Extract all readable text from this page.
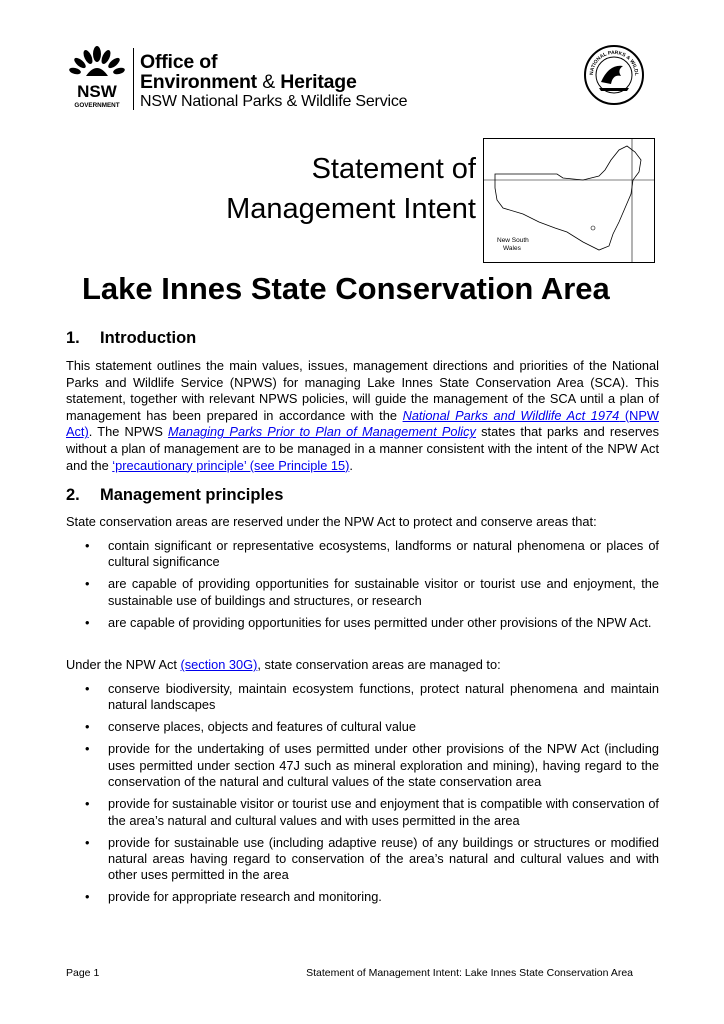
NSW
GOVERNMENT
Office of
Environment & Heritage
NSW National Parks & Wildlife Service
NATIONAL PARKS & WILDL
Statement of
Management Intent
New South
Wales
Lake Innes State Conservation Area
1. Introduction
This statement outlines the main values, issues, management directions and priorities of the National Parks and Wildlife Service (NPWS) for managing Lake Innes State Conservation Area (SCA). This statement, together with relevant NPWS policies, will guide the management of the SCA until a plan of management has been prepared in accordance with the National Parks and Wildlife Act 1974 (NPW Act). The NPWS Managing Parks Prior to Plan of Management Policy states that parks and reserves without a plan of management are to be managed in a manner consistent with the intent of the NPW Act and the ‘precautionary principle’ (see Principle 15).
2. Management principles
State conservation areas are reserved under the NPW Act to protect and conserve areas that:
• contain significant or representative ecosystems, landforms or natural phenomena or places of cultural significance
• are capable of providing opportunities for sustainable visitor or tourist use and enjoyment, the sustainable use of buildings and structures, or research
• are capable of providing opportunities for uses permitted under other provisions of the NPW Act.
Under the NPW Act (section 30G), state conservation areas are managed to:
• conserve biodiversity, maintain ecosystem functions, protect natural phenomena and maintain natural landscapes
• conserve places, objects and features of cultural value
• provide for the undertaking of uses permitted under other provisions of the NPW Act (including uses permitted under section 47J such as mineral exploration and mining), having regard to the conservation of the natural and cultural values of the state conservation area
• provide for sustainable visitor or tourist use and enjoyment that is compatible with conservation of the area’s natural and cultural values and with uses permitted in the area
• provide for sustainable use (including adaptive reuse) of any buildings or structures or modified natural areas having regard to conservation of the area’s natural and cultural values and with other uses permitted in the area
• provide for appropriate research and monitoring.
Page 1	Statement of Management Intent: Lake Innes State Conservation Area
